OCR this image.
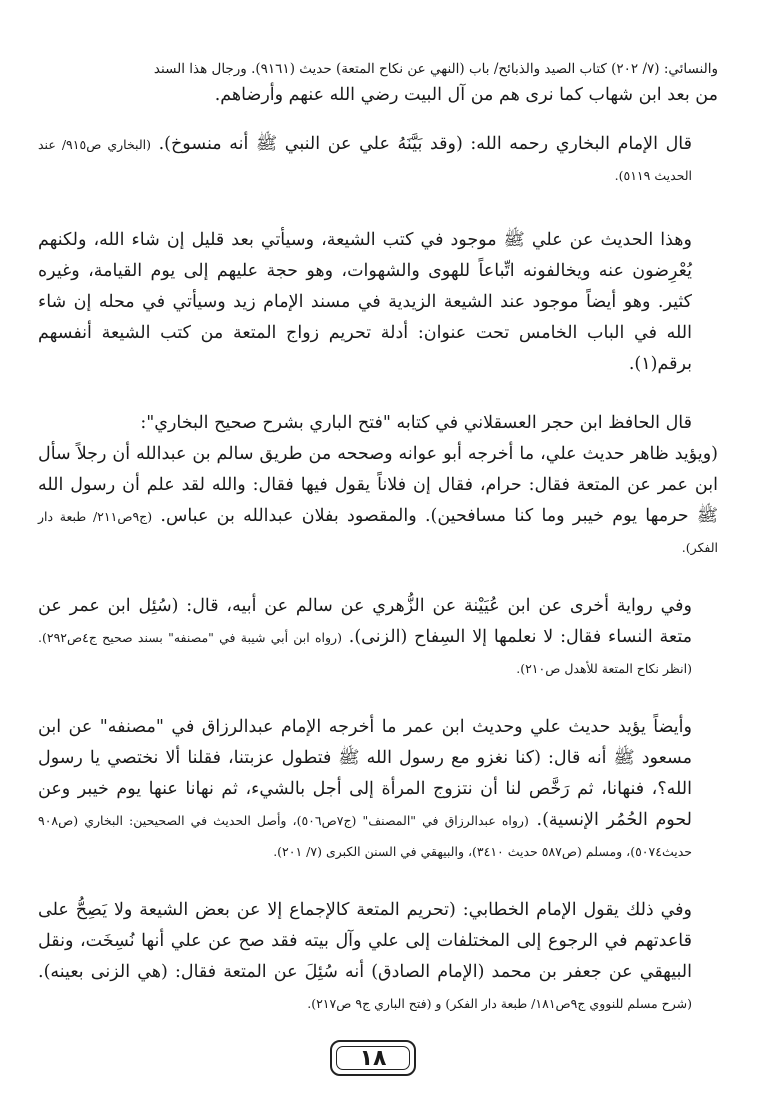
والنسائي: (٧/ ٢٠٢) كتاب الصيد والذبائح/ باب (النهي عن نكاح المتعة) حديث (٩١٦١). ورجال هذا السند

من بعد ابن شهاب كما نرى هم من آل البيت رضي الله عنهم وأرضاهم.

قال الإمام البخاري رحمه الله: (وقد بَيَّنَهُ علي عن النبي ﷺ أنه منسوخ). (البخاري ص٩١٥/ عند الحديث ٥١١٩).

وهذا الحديث عن علي ﷺ موجود في كتب الشيعة، وسيأتي بعد قليل إن شاء الله، ولكنهم يُعْرِضون عنه ويخالفونه اتِّباعاً للهوى والشهوات، وهو حجة عليهم إلى يوم القيامة، وغيره كثير. وهو أيضاً موجود عند الشيعة الزيدية في مسند الإمام زيد وسيأتي في محله إن شاء الله في الباب الخامس تحت عنوان: أدلة تحريم زواج المتعة من كتب الشيعة أنفسهم برقم(١).

قال الحافظ ابن حجر العسقلاني في كتابه "فتح الباري بشرح صحيح البخاري":

(ويؤيد ظاهر حديث علي، ما أخرجه أبو عوانه وصححه من طريق سالم بن عبدالله أن رجلاً سأل ابن عمر عن المتعة فقال: حرام، فقال إن فلاناً يقول فيها فقال: والله لقد علم أن رسول الله ﷺ حرمها يوم خيبر وما كنا مسافحين). والمقصود بفلان عبدالله بن عباس. (ج٩ص٢١١/ طبعة دار الفكر).

وفي رواية أخرى عن ابن عُيَيْنة عن الزُّهري عن سالم عن أبيه، قال: (سُئِل ابن عمر عن متعة النساء فقال: لا نعلمها إلا السِفاح (الزنى). (رواه ابن أبي شيبة في "مصنفه" بسند صحيح ج٤ص٢٩٢). (انظر نكاح المتعة للأهدل ص٢١٠).

وأيضاً يؤيد حديث علي وحديث ابن عمر ما أخرجه الإمام عبدالرزاق في "مصنفه" عن ابن مسعود ﷺ أنه قال: (كنا نغزو مع رسول الله ﷺ فتطول عزبتنا، فقلنا ألا نختصي يا رسول الله؟، فنهانا، ثم رَخَّص لنا أن نتزوج المرأة إلى أجل بالشيء، ثم نهانا عنها يوم خيبر وعن لحوم الحُمُر الإنسية). (رواه عبدالرزاق في "المصنف" (ج٧ص٥٠٦)، وأصل الحديث في الصحيحين: البخاري (ص٩٠٨ حديث٥٠٧٤)، ومسلم (ص٥٨٧ حديث ٣٤١٠)، والبيهقي في السنن الكبرى (٧/ ٢٠١).

وفي ذلك يقول الإمام الخطابي: (تحريم المتعة كالإجماع إلا عن بعض الشيعة ولا يَصِحُّ على قاعدتهم في الرجوع إلى المختلفات إلى علي وآل بيته فقد صح عن علي أنها نُسِخَت، ونقل البيهقي عن جعفر بن محمد (الإمام الصادق) أنه سُئِلَ عن المتعة فقال: (هي الزنى بعينه). (شرح مسلم للنووي ج٩ص١٨١/ طبعة دار الفكر) و (فتح الباري ج٩ ص٢١٧).

١٨
